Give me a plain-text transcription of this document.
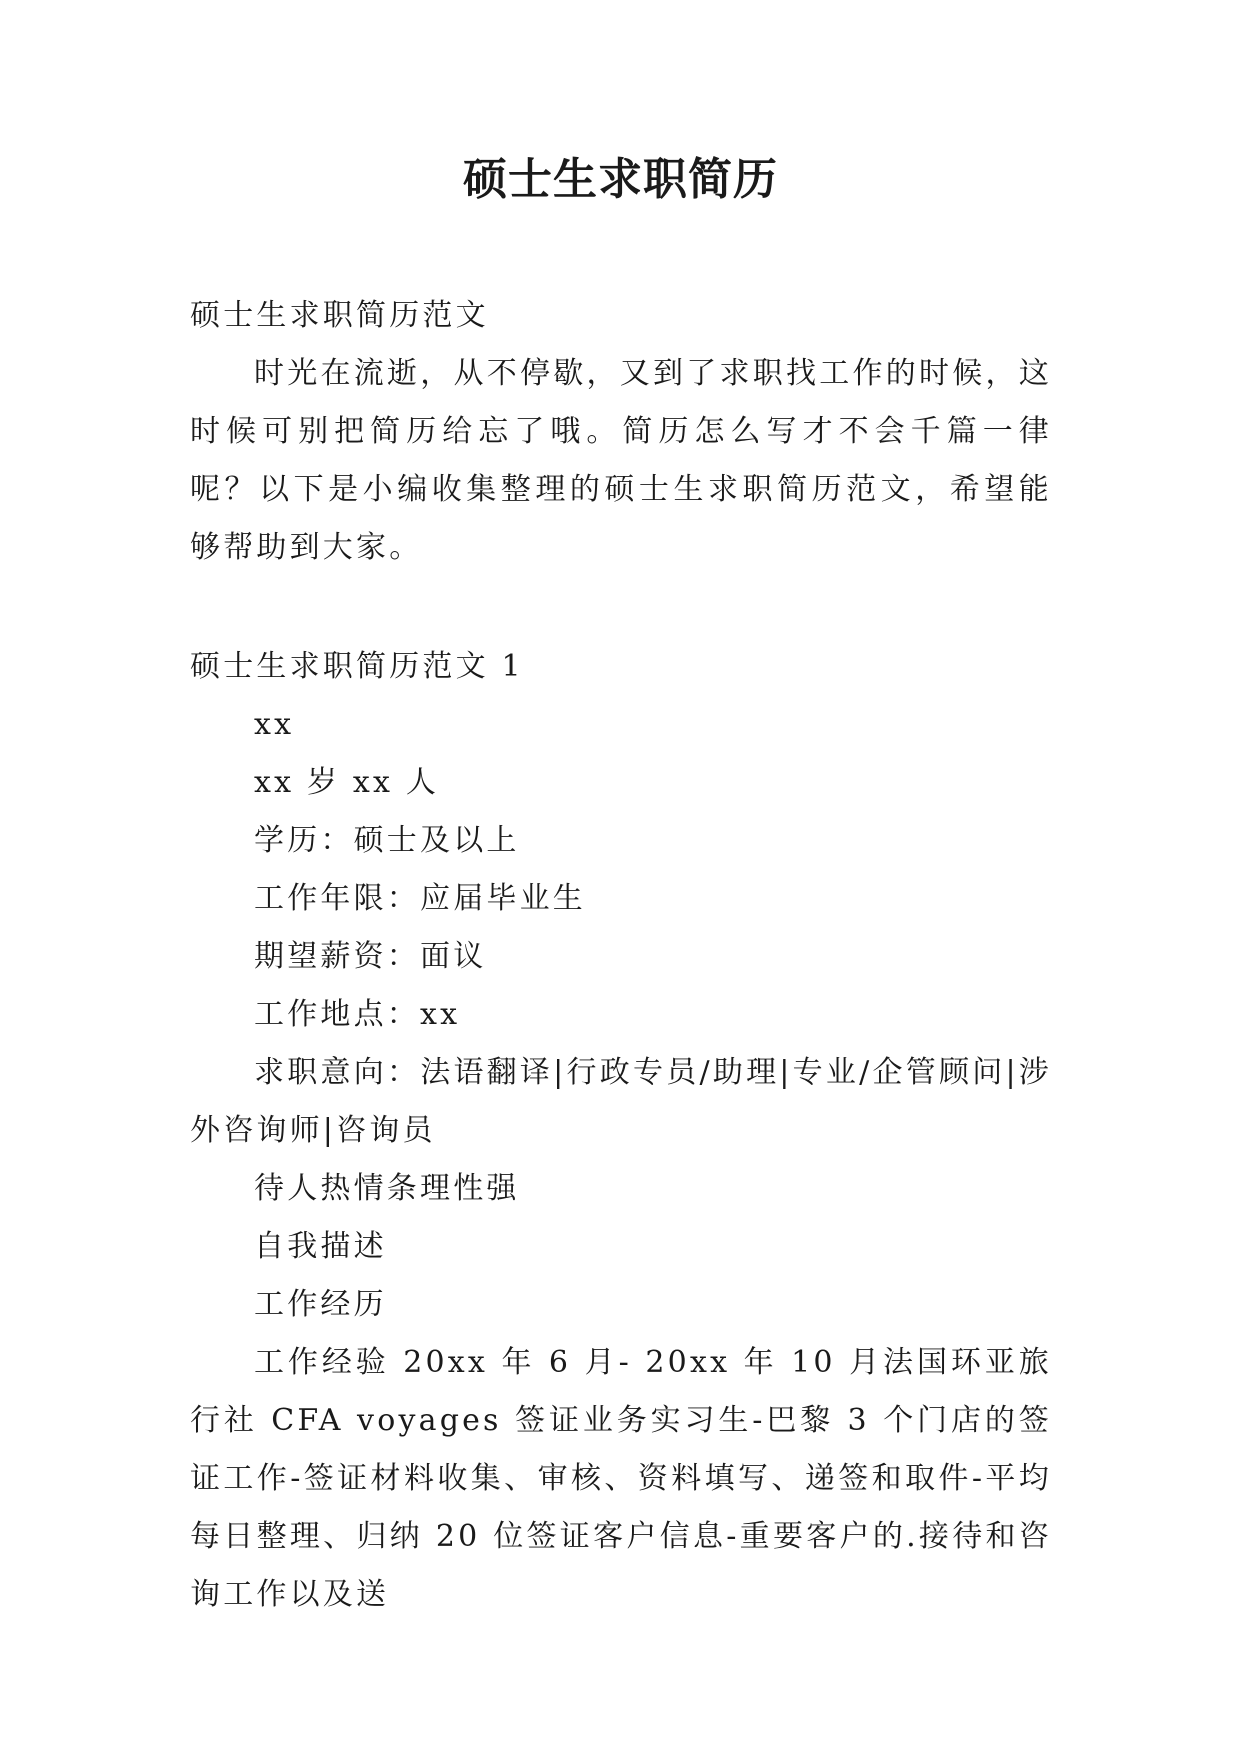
硕士生求职简历

硕士生求职简历范文

时光在流逝，从不停歇，又到了求职找工作的时候，这时候可别把简历给忘了哦。简历怎么写才不会千篇一律呢？以下是小编收集整理的硕士生求职简历范文，希望能够帮助到大家。

硕士生求职简历范文 1

xx

xx 岁 xx 人

学历：硕士及以上

工作年限：应届毕业生

期望薪资：面议

工作地点：xx

求职意向：法语翻译|行政专员/助理|专业/企管顾问|涉外咨询师|咨询员

待人热情条理性强

自我描述

工作经历

工作经验 20xx 年 6 月- 20xx 年 10 月法国环亚旅行社 CFA voyages 签证业务实习生-巴黎 3 个门店的签证工作-签证材料收集、审核、资料填写、递签和取件-平均每日整理、归纳 20 位签证客户信息-重要客户的.接待和咨询工作以及送
